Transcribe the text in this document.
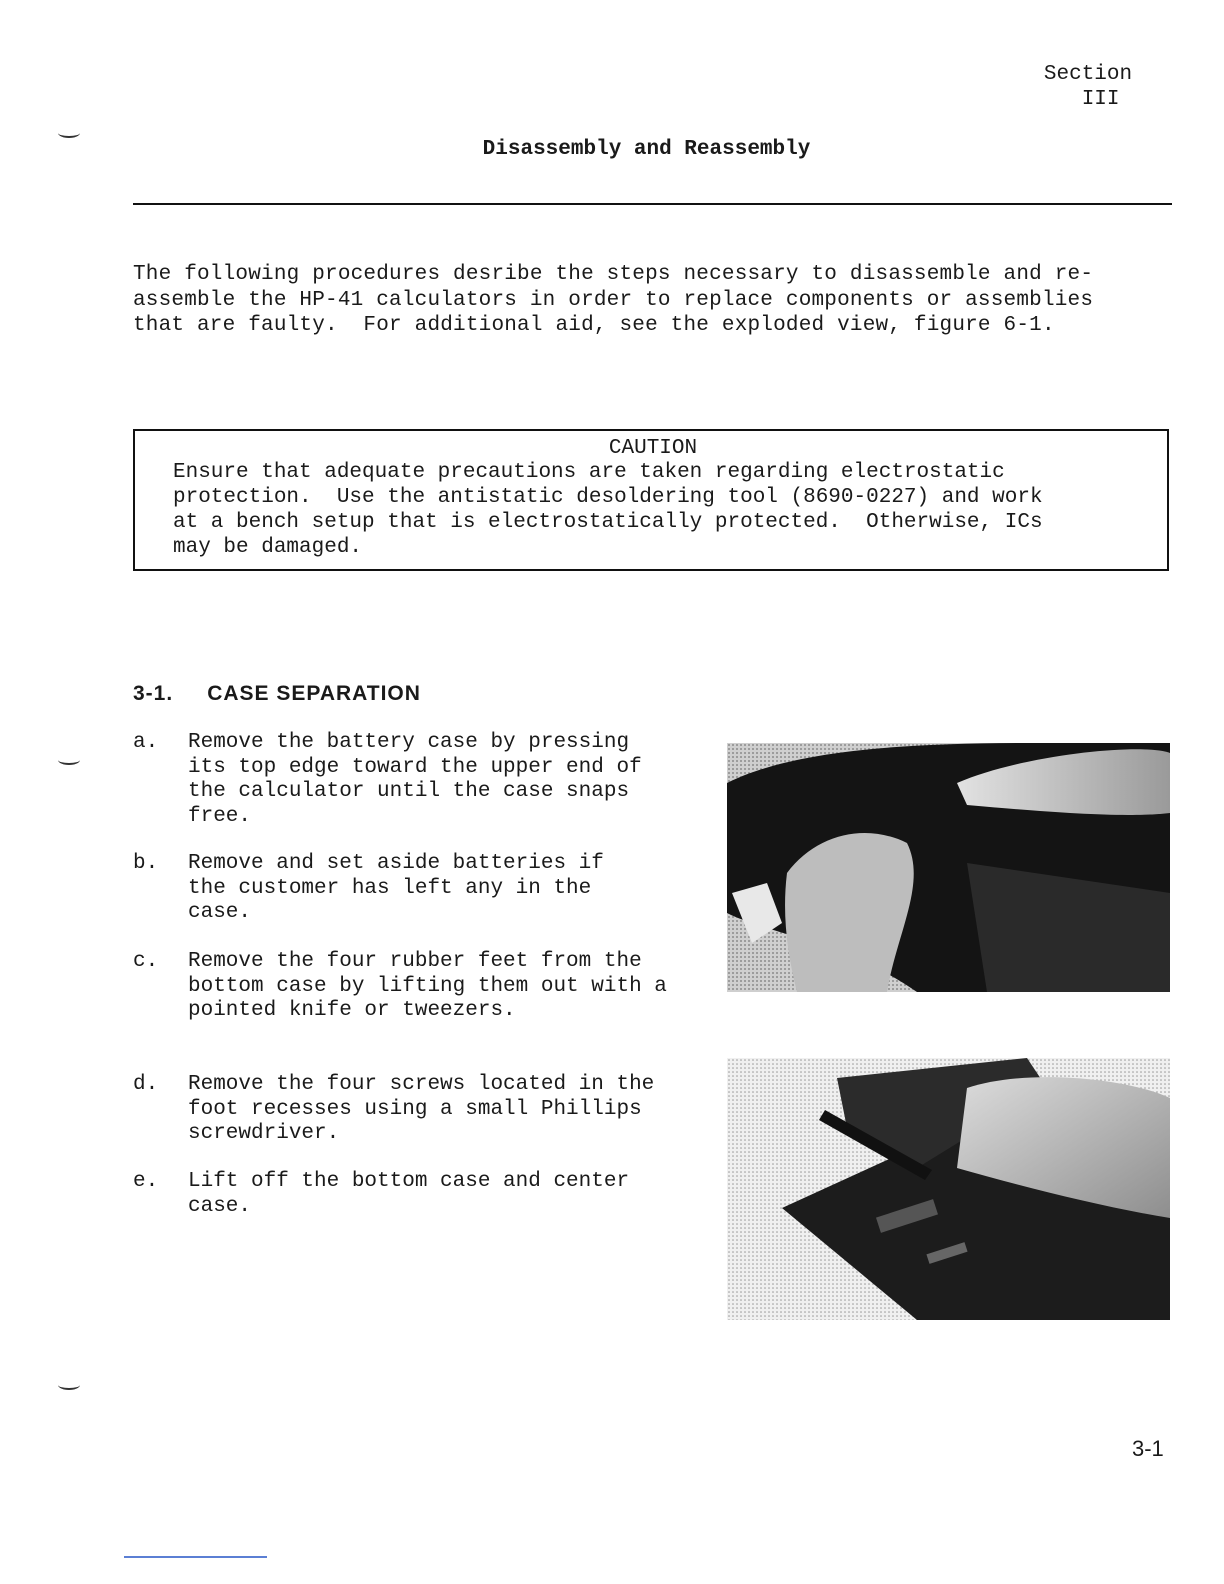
Section
III
Disassembly and Reassembly
The following procedures desribe the steps necessary to disassemble and re-
assemble the HP-41 calculators in order to replace components or assemblies
that are faulty.  For additional aid, see the exploded view, figure 6-1.
CAUTION
Ensure that adequate precautions are taken regarding electrostatic
protection.  Use the antistatic desoldering tool (8690-0227) and work
at a bench setup that is electrostatically protected.  Otherwise, ICs
may be damaged.
3-1. CASE SEPARATION
a. Remove the battery case by pressing
its top edge toward the upper end of
the calculator until the case snaps
free.
b. Remove and set aside batteries if
the customer has left any in the
case.
c. Remove the four rubber feet from the
bottom case by lifting them out with a
pointed knife or tweezers.
d. Remove the four screws located in the
foot recesses using a small Phillips
screwdriver.
e. Lift off the bottom case and center
case.
3-1
